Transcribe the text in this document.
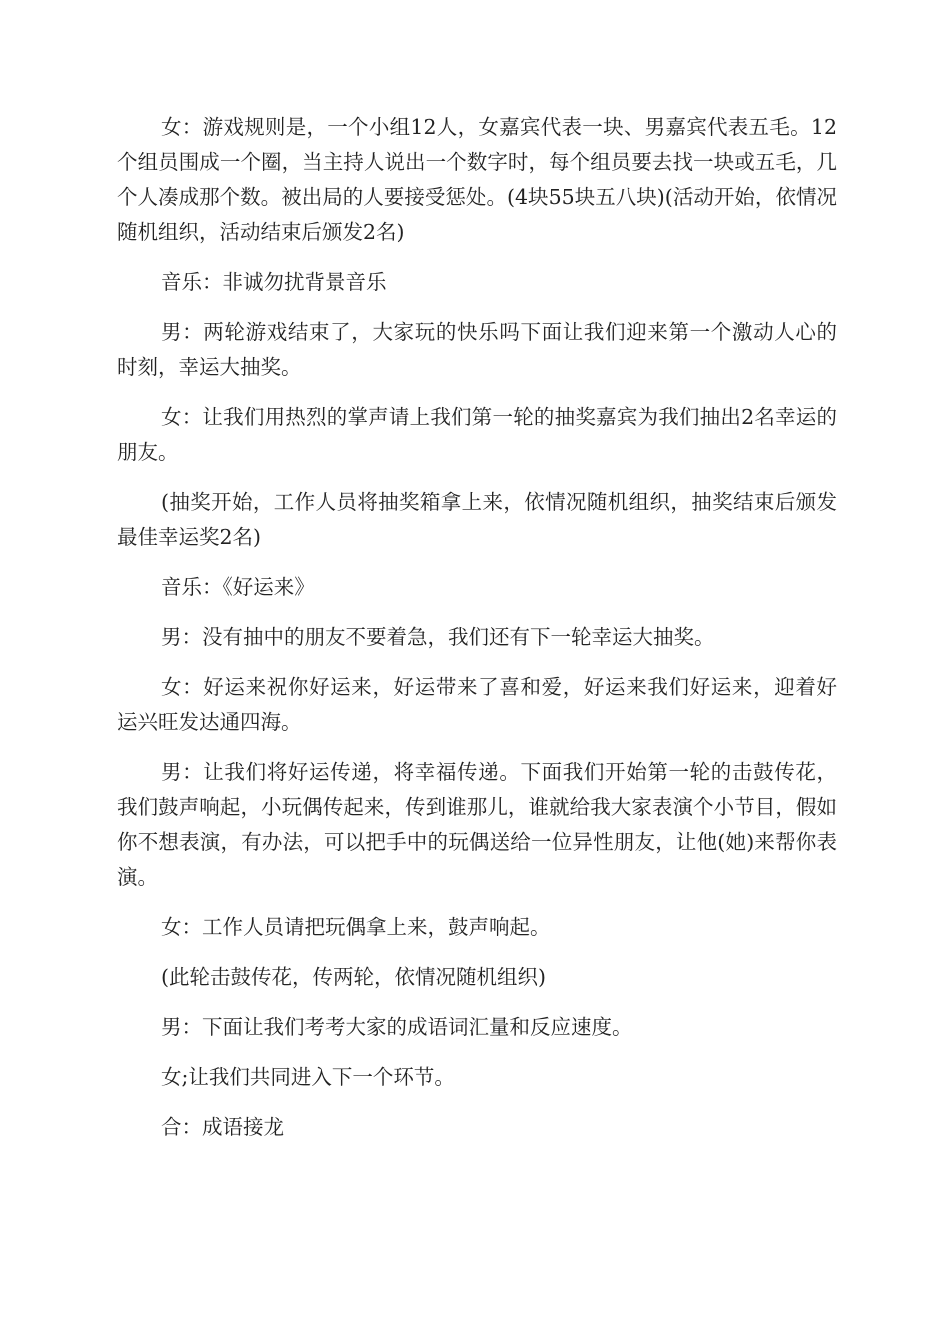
女：游戏规则是，一个小组12人，女嘉宾代表一块、男嘉宾代表五毛。12个组员围成一个圈，当主持人说出一个数字时，每个组员要去找一块或五毛，几个人凑成那个数。被出局的人要接受惩处。(4块55块五八块)(活动开始，依情况随机组织，活动结束后颁发2名)

音乐：非诚勿扰背景音乐

男：两轮游戏结束了，大家玩的快乐吗下面让我们迎来第一个激动人心的时刻，幸运大抽奖。

女：让我们用热烈的掌声请上我们第一轮的抽奖嘉宾为我们抽出2名幸运的朋友。

(抽奖开始，工作人员将抽奖箱拿上来，依情况随机组织，抽奖结束后颁发最佳幸运奖2名)

音乐：《好运来》

男：没有抽中的朋友不要着急，我们还有下一轮幸运大抽奖。

女：好运来祝你好运来，好运带来了喜和爱，好运来我们好运来，迎着好运兴旺发达通四海。

男：让我们将好运传递，将幸福传递。下面我们开始第一轮的击鼓传花，我们鼓声响起，小玩偶传起来，传到谁那儿，谁就给我大家表演个小节目，假如你不想表演，有办法，可以把手中的玩偶送给一位异性朋友，让他(她)来帮你表演。

女：工作人员请把玩偶拿上来，鼓声响起。

(此轮击鼓传花，传两轮，依情况随机组织)

男：下面让我们考考大家的成语词汇量和反应速度。

女;让我们共同进入下一个环节。

合：成语接龙
